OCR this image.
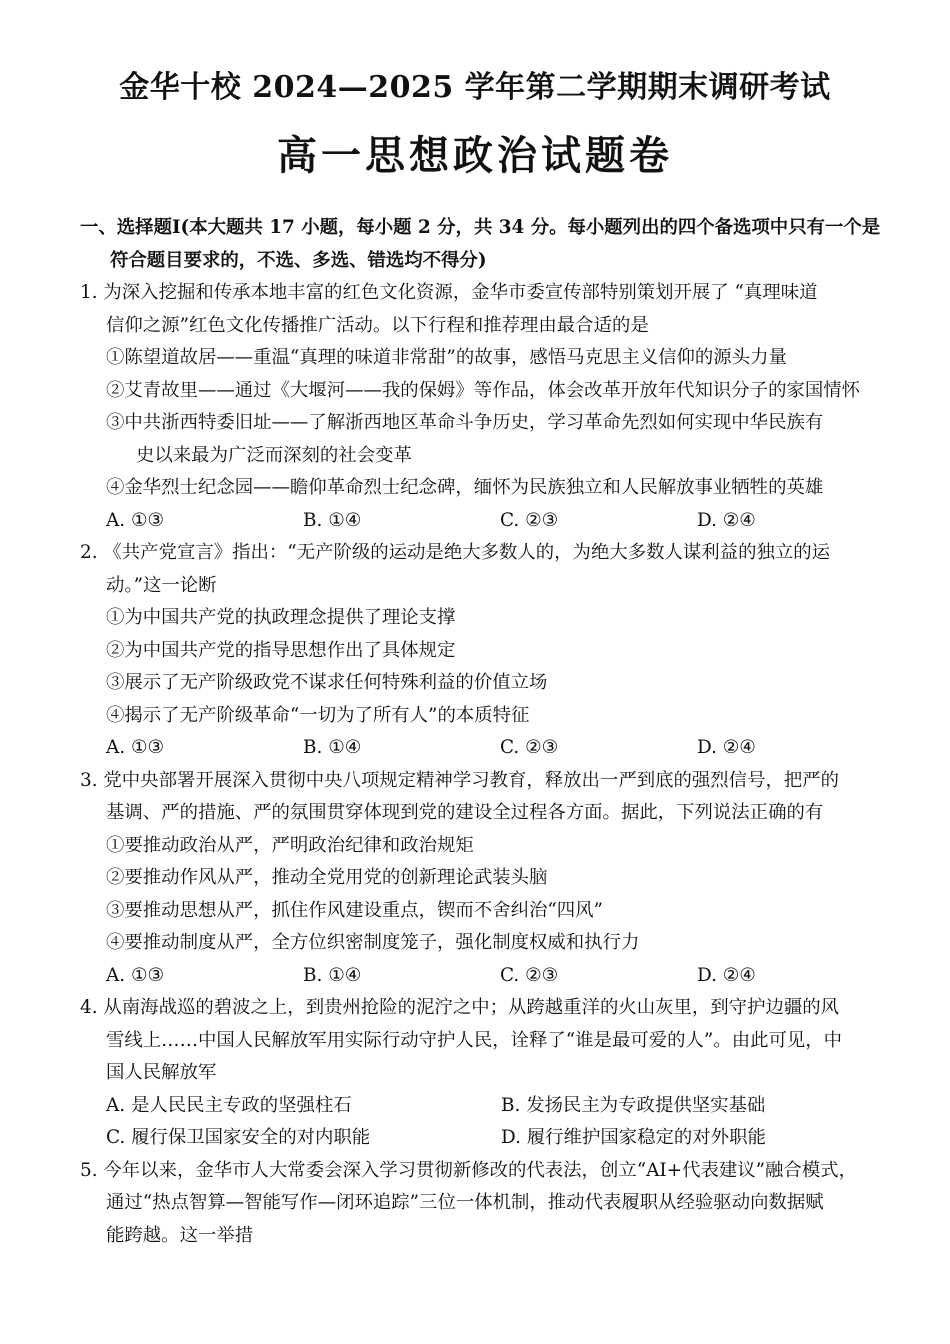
金华十校 2024—2025 学年第二学期期末调研考试
高一思想政治试题卷
一、选择题Ⅰ(本大题共 17 小题，每小题 2 分，共 34 分。每小题列出的四个备选项中只有一个是
符合题目要求的，不选、多选、错选均不得分)
1. 为深入挖掘和传承本地丰富的红色文化资源，金华市委宣传部特别策划开展了 “真理味道
信仰之源”红色文化传播推广活动。以下行程和推荐理由最合适的是
①陈望道故居——重温“真理的味道非常甜”的故事，感悟马克思主义信仰的源头力量
②艾青故里——通过《大堰河——我的保姆》等作品，体会改革开放年代知识分子的家国情怀
③中共浙西特委旧址——了解浙西地区革命斗争历史，学习革命先烈如何实现中华民族有
史以来最为广泛而深刻的社会变革
④金华烈士纪念园——瞻仰革命烈士纪念碑，缅怀为民族独立和人民解放事业牺牲的英雄
A. ①③	B. ①④	C. ②③	D. ②④
2. 《共产党宣言》指出：“无产阶级的运动是绝大多数人的，为绝大多数人谋利益的独立的运
动。”这一论断
①为中国共产党的执政理念提供了理论支撑
②为中国共产党的指导思想作出了具体规定
③展示了无产阶级政党不谋求任何特殊利益的价值立场
④揭示了无产阶级革命“一切为了所有人”的本质特征
A. ①③	B. ①④	C. ②③	D. ②④
3. 党中央部署开展深入贯彻中央八项规定精神学习教育，释放出一严到底的强烈信号，把严的
基调、严的措施、严的氛围贯穿体现到党的建设全过程各方面。据此，下列说法正确的有
①要推动政治从严，严明政治纪律和政治规矩
②要推动作风从严，推动全党用党的创新理论武装头脑
③要推动思想从严，抓住作风建设重点，锲而不舍纠治“四风”
④要推动制度从严，全方位织密制度笼子，强化制度权威和执行力
A. ①③	B. ①④	C. ②③	D. ②④
4. 从南海战巡的碧波之上，到贵州抢险的泥泞之中；从跨越重洋的火山灰里，到守护边疆的风
雪线上……中国人民解放军用实际行动守护人民，诠释了“谁是最可爱的人”。由此可见，中
国人民解放军
A. 是人民民主专政的坚强柱石	B. 发扬民主为专政提供坚实基础
C. 履行保卫国家安全的对内职能	D. 履行维护国家稳定的对外职能
5. 今年以来，金华市人大常委会深入学习贯彻新修改的代表法，创立“AI+代表建议”融合模式，
通过“热点智算—智能写作—闭环追踪”三位一体机制，推动代表履职从经验驱动向数据赋
能跨越。这一举措
